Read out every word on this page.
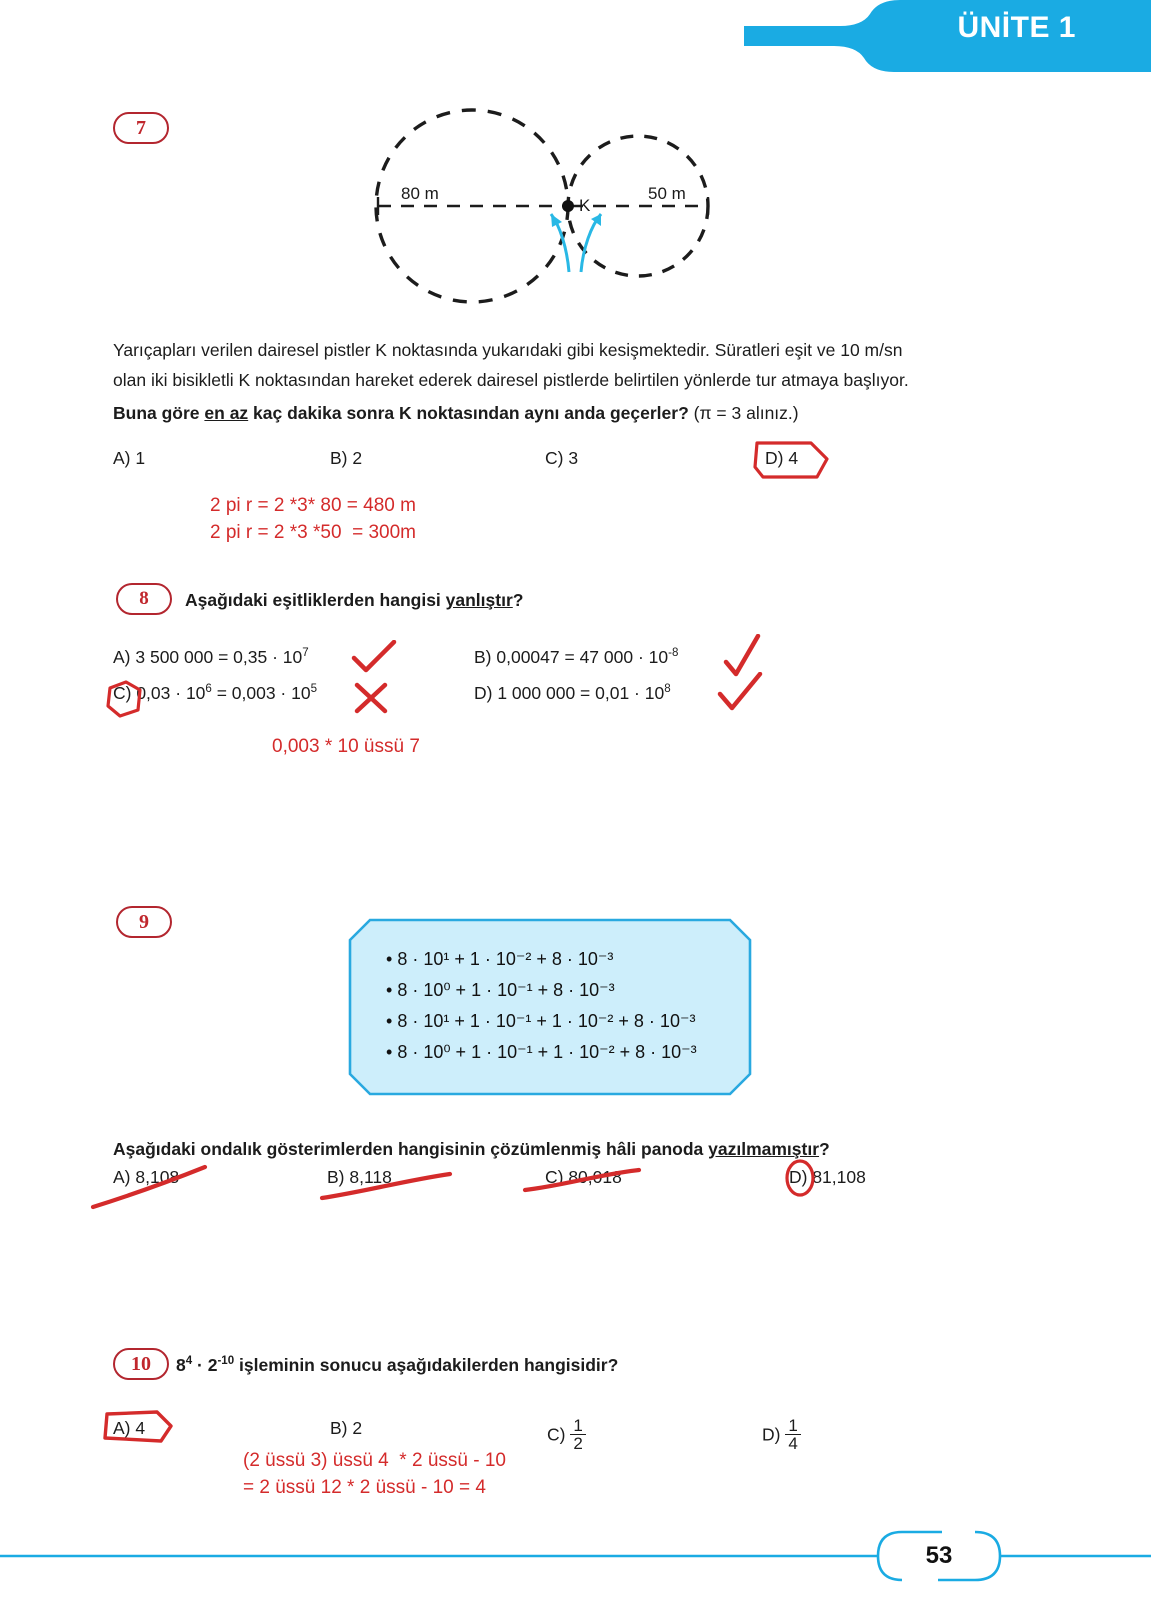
ÜNİTE 1
7
80 m	50 m
K
Yarıçapları verilen dairesel pistler K noktasında yukarıdaki gibi kesişmektedir. Süratleri eşit ve 10 m/sn
olan iki bisikletli K noktasından hareket ederek dairesel pistlerde belirtilen yönlerde tur atmaya başlıyor.
Buna göre en az kaç dakika sonra K noktasından aynı anda geçerler? (π = 3 alınız.)
A) 1	B) 2	C) 3	D) 4
2 pi r = 2 *3* 80 = 480 m
2 pi r = 2 *3 *50  = 300m
8 Aşağıdaki eşitliklerden hangisi yanlıştır?
A) 3 500 $000 = 0,35 \cdot 10^7$	B) 0,00047 = 47 $000 \cdot 10^{-8}$
C) $0,03 \cdot 10^6 = 0,003 \cdot 10^5$	D) 1 000 $000 = 0,01 \cdot 10^8$
0,003 * 10 üssü 7
9
• 8 · 10¹ + 1 · 10⁻² + 8 · 10⁻³
• 8 · 10⁰ + 1 · 10⁻¹ + 8 · 10⁻³
• 8 · 10¹ + 1 · 10⁻¹ + 1 · 10⁻² + 8 · 10⁻³
• 8 · 10⁰ + 1 · 10⁻¹ + 1 · 10⁻² + 8 · 10⁻³
Aşağıdaki ondalık gösterimlerden hangisinin çözümlenmiş hâli panoda yazılmamıştır?
A) 8,108	B) 8,118	C) 80,018	D) 81,108
10 $8^4 \cdot 2^{-10}$ işleminin sonucu aşağıdakilerden hangisidir?
A) 4	B) 2	$C) \frac{1}{2}$	$D) \frac{1}{4}$
(2 üssü 3) üssü 4  * 2 üssü - 10
= 2 üssü 12 * 2 üssü - 10 = 4
53
